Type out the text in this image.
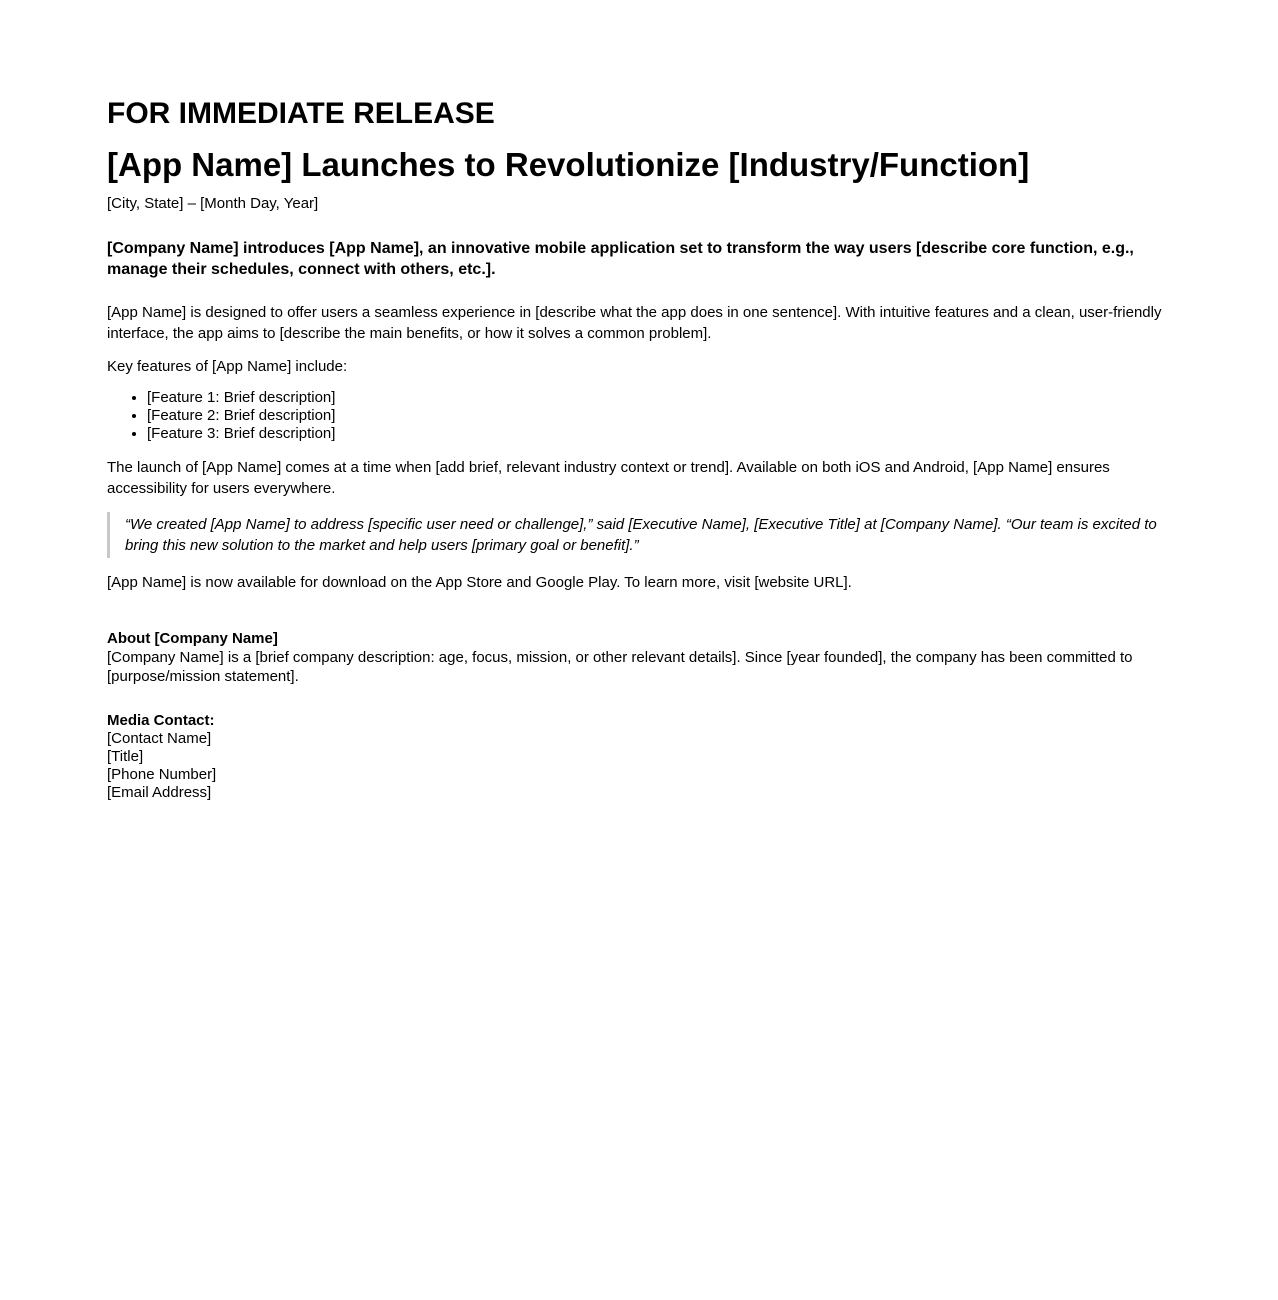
FOR IMMEDIATE RELEASE
[App Name] Launches to Revolutionize [Industry/Function]

[City, State] – [Month Day, Year]

[Company Name] introduces [App Name], an innovative mobile application set to transform the way users [describe core function, e.g., manage their schedules, connect with others, etc.].

[App Name] is designed to offer users a seamless experience in [describe what the app does in one sentence]. With intuitive features and a clean, user-friendly interface, the app aims to [describe the main benefits, or how it solves a common problem].

Key features of [App Name] include:

• [Feature 1: Brief description]
• [Feature 2: Brief description]
• [Feature 3: Brief description]

The launch of [App Name] comes at a time when [add brief, relevant industry context or trend]. Available on both iOS and Android, [App Name] ensures accessibility for users everywhere.

“We created [App Name] to address [specific user need or challenge],” said [Executive Name], [Executive Title] at [Company Name]. “Our team is excited to bring this new solution to the market and help users [primary goal or benefit].”

[App Name] is now available for download on the App Store and Google Play. To learn more, visit [website URL].

About [Company Name]

[Company Name] is a [brief company description: age, focus, mission, or other relevant details]. Since [year founded], the company has been committed to [purpose/mission statement].

Media Contact:
[Contact Name]
[Title]
[Phone Number]
[Email Address]
